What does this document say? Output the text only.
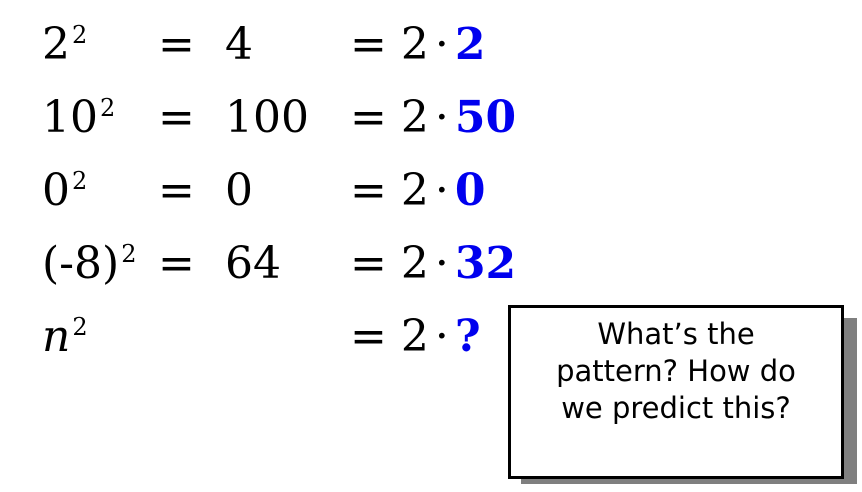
$2^2 = 4 = 2 \cdot 2$
$10^2 = 100 = 2 \cdot 50$
$0^2 = 0 = 2 \cdot 0$
$(-8)^2 = 64 = 2 \cdot 32$
$n^2$	= 2 · ?	What’s the
pattern? How do
we predict this?
